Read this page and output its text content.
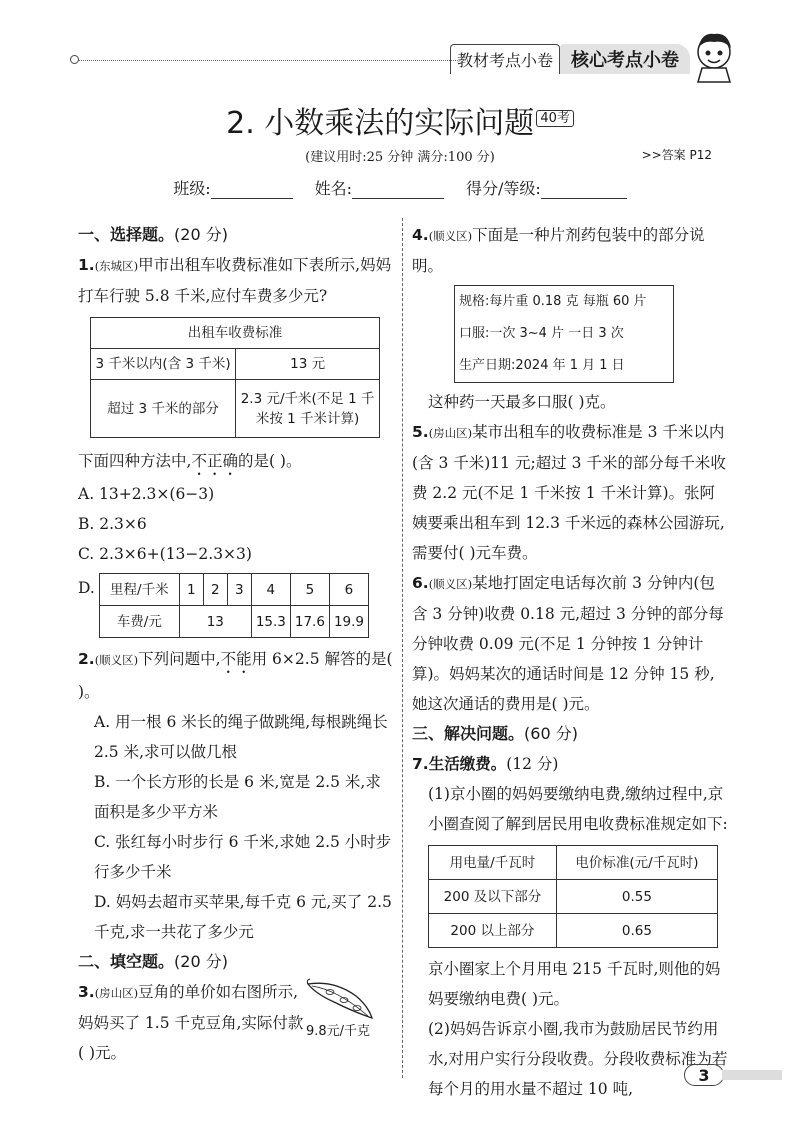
教材考点小卷	核心考点小卷
2. 小数乘法的实际问题 $^{40考}$
(建议用时:25 分钟 满分:100 分)	>>答案 P12
班级:	姓名:	得分/等级:
一、选择题。(20 分)
1.(东城区)甲市出租车收费标准如下表所示,妈妈打车行驶 5.8 千米,应付车费多少元?
出租车收费标准	
3 千米以内(含 3 千米)	13 元
超过 3 千米的部分	2.3 元/千米(不足 1 千
米按 1 千米计算)
下面四种方法中,不正确的是( )。
A. 13+2.3×(6−3)
B. 2.3×6
C. 2.3×6+(13−2.3×3)
D. 里程/千米	1	2	3	4	5	6
车费/元	13			15.3	17.6	19.9
2.(顺义区)下列问题中,不能用 6×2.5 解答的是( )。
A. 用一根 6 米长的绳子做跳绳,每根跳绳长 2.5 米,求可以做几根
B. 一个长方形的长是 6 米,宽是 2.5 米,求面积是多少平方米
C. 张红每小时步行 6 千米,求她 2.5 小时步行多少千米
D. 妈妈去超市买苹果,每千克 6 元,买了 2.5 千克,求一共花了多少元
二、填空题。(20 分)
3.(房山区)豆角的单价如右图所示,妈妈买了 1.5 千克豆角,实际付款( )元。
9.8元/千克
4.(顺义区)下面是一种片剂药包装中的部分说明。
规格:每片重 0.18 克 每瓶 60 片
口服:一次 3~4 片 一日 3 次
生产日期:2024 年 1 月 1 日
这种药一天最多口服( )克。
5.(房山区)某市出租车的收费标准是 3 千米以内(含 3 千米)11 元;超过 3 千米的部分每千米收费 2.2 元(不足 1 千米按 1 千米计算)。张阿姨要乘出租车到 12.3 千米远的森林公园游玩,需要付( )元车费。
6.(顺义区)某地打固定电话每次前 3 分钟内(包含 3 分钟)收费 0.18 元,超过 3 分钟的部分每分钟收费 0.09 元(不足 1 分钟按 1 分钟计算)。妈妈某次的通话时间是 12 分钟 15 秒,她这次通话的费用是( )元。
三、解决问题。(60 分)
7.生活缴费。(12 分)
(1)京小圈的妈妈要缴纳电费,缴纳过程中,京小圈查阅了解到居民用电收费标准规定如下:
用电量/千瓦时	电价标准(元/千瓦时)
200 及以下部分	0.55
200 以上部分	0.65
京小圈家上个月用电 215 千瓦时,则他的妈妈要缴纳电费( )元。
(2)妈妈告诉京小圈,我市为鼓励居民节约用水,对用户实行分段收费。分段收费标准为若每个月的用水量不超过 10 吨,
3
